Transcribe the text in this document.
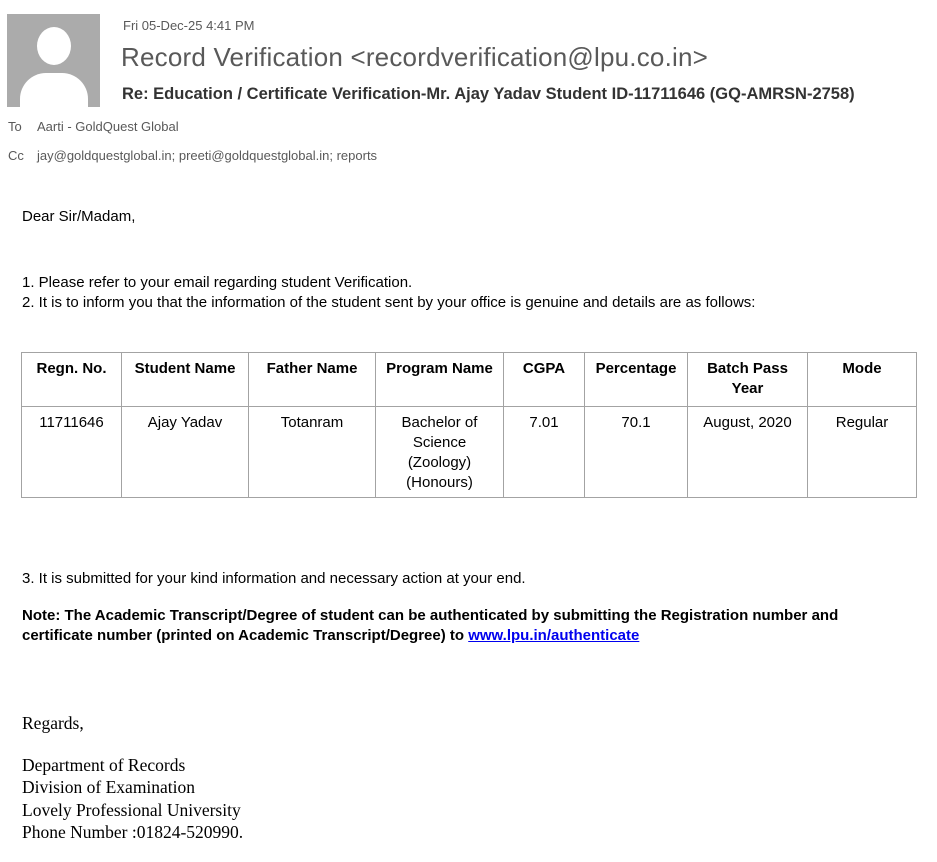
Fri 05-Dec-25 4:41 PM
Record Verification <recordverification@lpu.co.in>
Re: Education / Certificate Verification-Mr. Ajay Yadav Student ID-11711646 (GQ-AMRSN-2758)
To	Aarti - GoldQuest Global
Cc	jay@goldquestglobal.in; preeti@goldquestglobal.in; reports

Dear Sir/Madam,

1. Please refer to your email regarding student Verification.

2. It is to inform you that the information of the student sent by your office is genuine and details are as follows:

Regn. No.	Student Name	Father Name	Program Name	CGPA	Percentage	Batch Pass Year	Mode
11711646	Ajay Yadav	Totanram	Bachelor of Science (Zoology) (Honours)	7.01	70.1	August, 2020	Regular

3. It is submitted for your kind information and necessary action at your end.

Note: The Academic Transcript/Degree of student can be authenticated by submitting the Registration number and certificate number (printed on Academic Transcript/Degree) to www.lpu.in/authenticate

Regards,

Department of Records

Division of Examination

Lovely Professional University

Phone Number :01824-520990.
